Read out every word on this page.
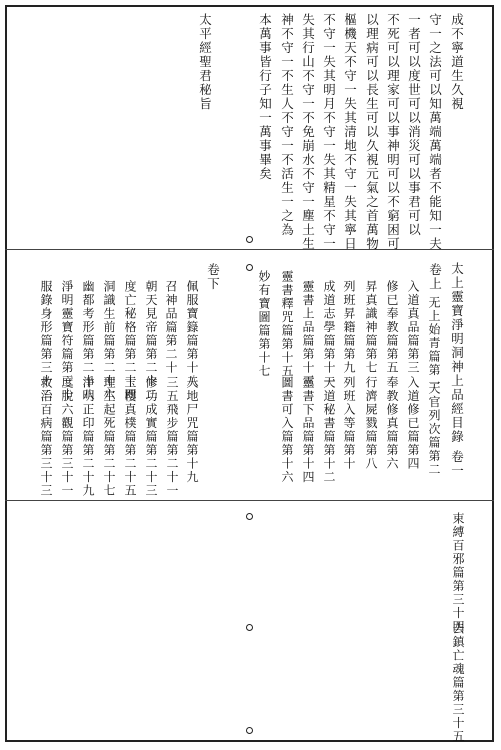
成不寧道生久視
守一之法可以知萬端萬端者不能知一夫
一者可以度世可以消災可以事君可以
不死可以理家可以事神明可以不窮困可
以理病可以長生可以久視元氣之首萬物
樞機天不守一失其清地不守一失其寧日
不守一失其明月不守一失其精星不守一
失其行山不守一不免崩水不守一塵土生
神不守一不生人不守一不活生一之為
本萬事皆行子知一萬事畢矣
太平經聖君秘旨
太上靈寶淨明洞神上品經目錄
卷一
卷上
无上始青篇第一
天官列次篇第二
入道真品篇第三
入道修已篇第四
修已奉教篇第五
奉教修真篇第六
昇真識神篇第七
行濟屍戮篇第八
列班昇籍篇第九
列班入等篇第十
成道志學篇第十一
天道秘書篇第十二
靈書上品篇第十三
靈書下品篇第十四
靈書釋咒篇第十五
圖書可入篇第十六
妙有寶圖篇第十七
卷下
佩服寶籙篇第十八
天地尸咒篇第十九
召神品篇第二十
三五飛步篇第二十一
朝天見帝篇第二十二
修功成實篇第二十三
度亡秘格篇第二十四
玉樓真樸篇第二十五
洞識生前篇第二十六
理生起死篇第二十七
幽都考形篇第二十八
淨明正印篇第二十九
淨明靈寶符篇第三十
度脫六觀篇第三十一
服錄身形篇第三十二
救治百病篇第三十三
束縛百邪篇第三十四
去鎮亡魂篇第三十五
